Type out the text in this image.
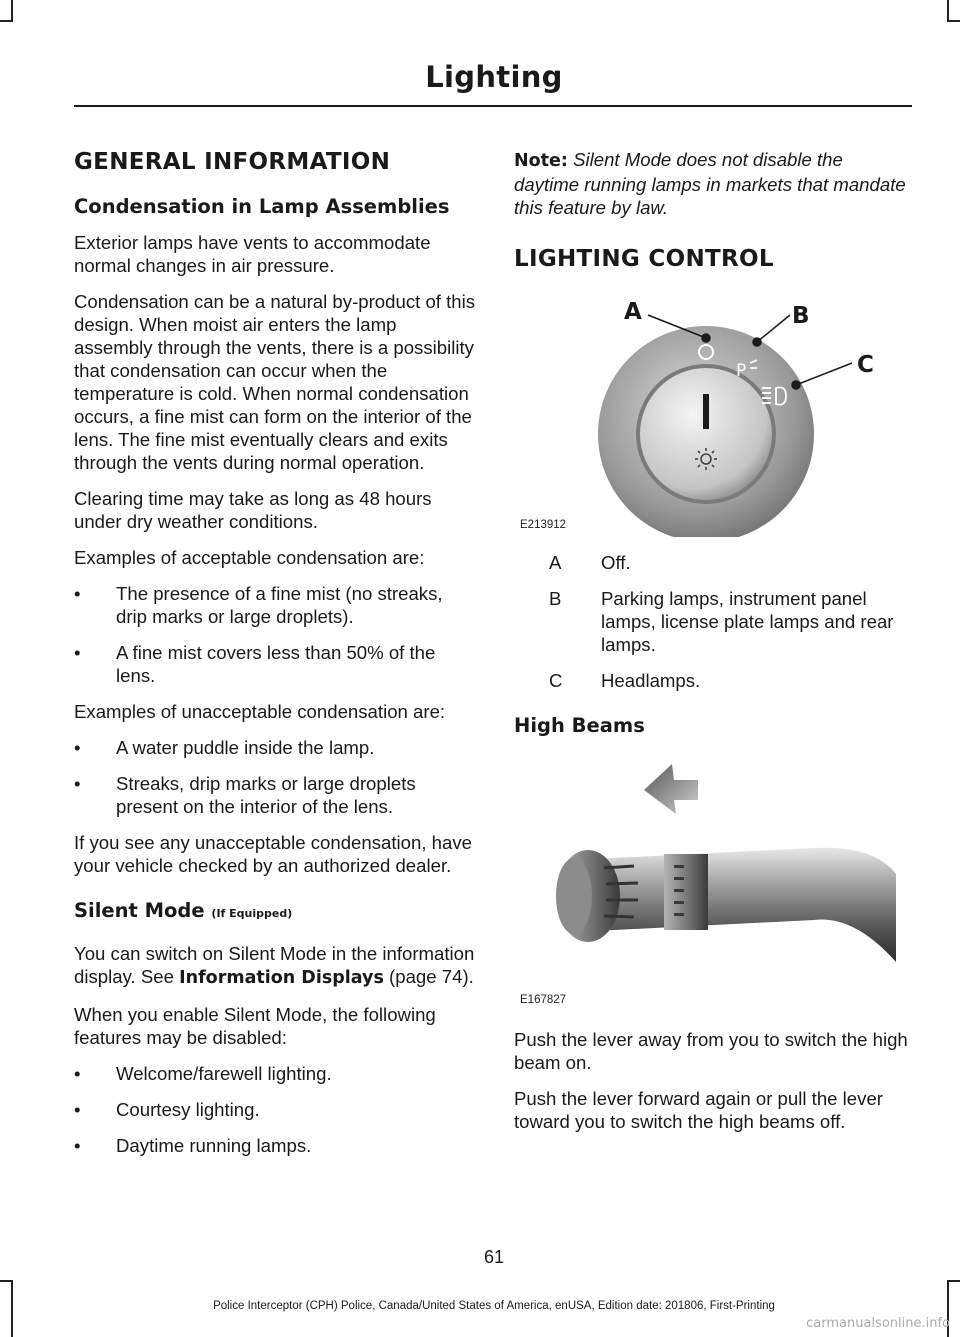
Lighting
GENERAL INFORMATION
Condensation in Lamp Assemblies

Exterior lamps have vents to accommodate normal changes in air pressure.

Condensation can be a natural by-product of this design. When moist air enters the lamp assembly through the vents, there is a possibility that condensation can occur when the temperature is cold. When normal condensation occurs, a fine mist can form on the interior of the lens. The fine mist eventually clears and exits through the vents during normal operation.

Clearing time may take as long as 48 hours under dry weather conditions.

Examples of acceptable condensation are:

•	The presence of a fine mist (no streaks, drip marks or large droplets).
•	A fine mist covers less than 50% of the lens.

Examples of unacceptable condensation are:

•	A water puddle inside the lamp.
•	Streaks, drip marks or large droplets present on the interior of the lens.

If you see any unacceptable condensation, have your vehicle checked by an authorized dealer.

Silent Mode (If Equipped)

You can switch on Silent Mode in the information display. See Information Displays (page 74).

When you enable Silent Mode, the following features may be disabled:

•	Welcome/farewell lighting.
•	Courtesy lighting.
•	Daytime running lamps.

Note: Silent Mode does not disable the daytime running lamps in markets that mandate this feature by law.

LIGHTING CONTROL
P
A	B
C
E213912
A Off.
B Parking lamps, instrument panel lamps, license plate lamps and rear lamps.
C Headlamps.
High Beams
E167827

Push the lever away from you to switch the high beam on.

Push the lever forward again or pull the lever toward you to switch the high beams off.

61
Police Interceptor (CPH) Police, Canada/United States of America, enUSA, Edition date: 201806, First-Printing
carmanualsonline.info
